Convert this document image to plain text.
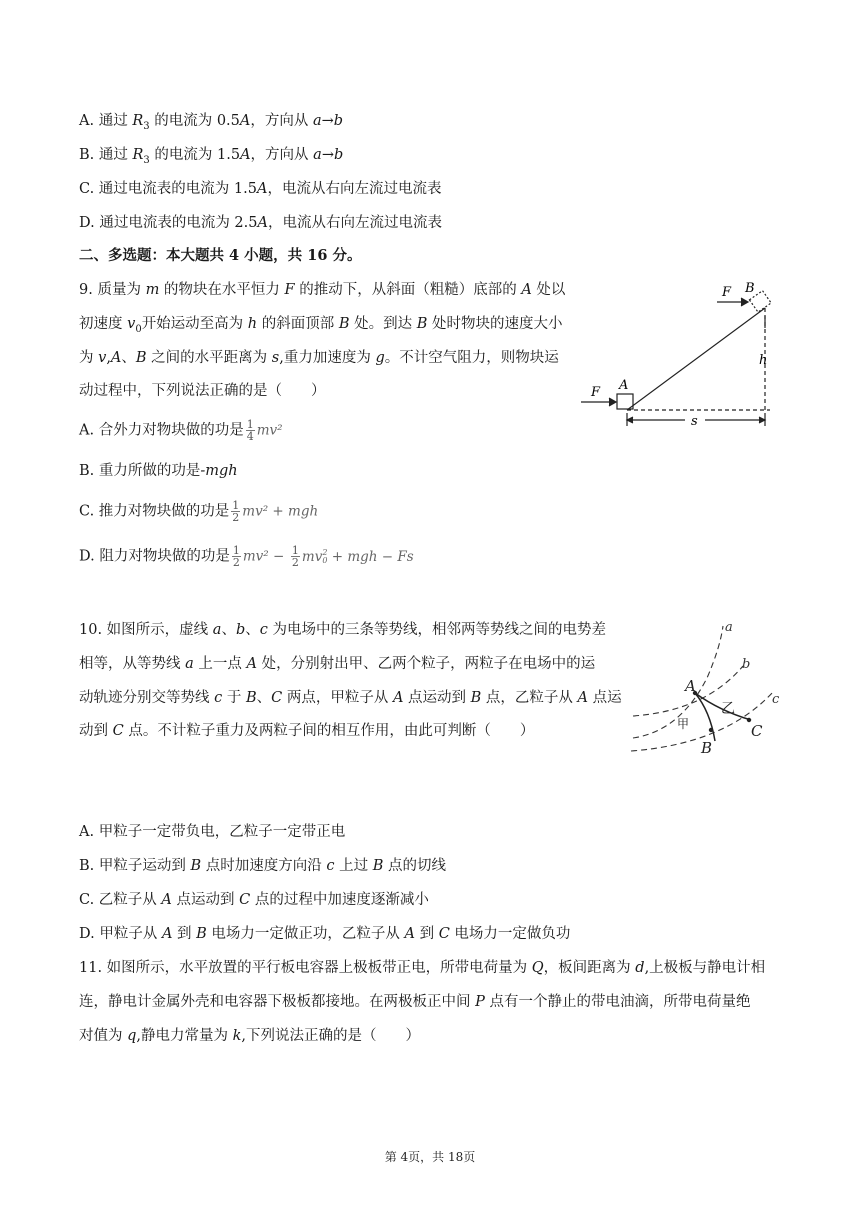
A. 通过 $R_3$ 的电流为 0.5A，方向从 a→b
B. 通过 $R_3$ 的电流为 1.5A，方向从 a→b
C. 通过电流表的电流为 1.5A，电流从右向左流过电流表
D. 通过电流表的电流为 2.5A，电流从右向左流过电流表
二、多选题：本大题共 4 小题，共 16 分。
9. 质量为 m 的物块在水平恒力 F 的推动下，从斜面（粗糙）底部的 A 处以
初速度 $v_0$开始运动至高为 h 的斜面顶部 B 处。到达 B 处时物块的速度大小
为 v,A、B 之间的水平距离为 s,重力加速度为 g。不计空气阻力，则物块运
动过程中，下列说法正确的是（　　）
A. 合外力对物块做的功是 $\frac{1}{4} mv^2$
B. 重力所做的功是-mgh
C. 推力对物块做的功是 $\frac{1}{2} mv^2$ + mgh
D. 阻力对物块做的功是 $\frac{1}{2} mv^2 - \frac{1}{2}$ mv 2
0 + mgh − Fs
F B
h
F A
s
10. 如图所示，虚线 a、b、c 为电场中的三条等势线，相邻两等势线之间的电势差
相等，从等势线 a 上一点 A 处，分别射出甲、乙两个粒子，两粒子在电场中的运
动轨迹分别交等势线 c 于 B、C 两点，甲粒子从 A 点运动到 B 点，乙粒子从 A 点运
动到 C 点。不计粒子重力及两粒子间的相互作用，由此可判断（　　）
a
b
c
A
乙
甲
B
C
A. 甲粒子一定带负电，乙粒子一定带正电
B. 甲粒子运动到 B 点时加速度方向沿 c 上过 B 点的切线
C. 乙粒子从 A 点运动到 C 点的过程中加速度逐渐减小
D. 甲粒子从 A 到 B 电场力一定做正功，乙粒子从 A 到 C 电场力一定做负功
11. 如图所示，水平放置的平行板电容器上极板带正电，所带电荷量为 Q，板间距离为 d,上极板与静电计相
连，静电计金属外壳和电容器下极板都接地。在两极板正中间 P 点有一个静止的带电油滴，所带电荷量绝
对值为 q,静电力常量为 k,下列说法正确的是（　　）
第 4页，共 18页
